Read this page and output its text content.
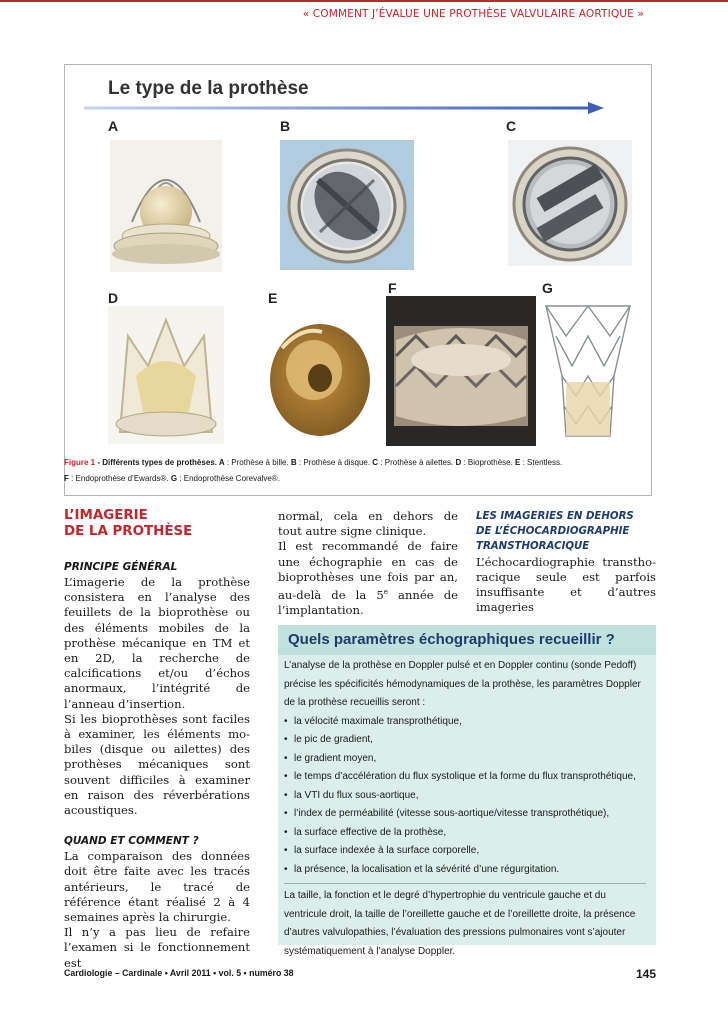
« COMMENT J’ÉVALUE UNE PROTHÈSE VALVULAIRE AORTIQUE »
Le type de la prothèse
A	B	C
D	E
F	G
Figure 1 - Différents types de prothèses. A : Prothèse à bille. B : Prothèse à disque. C : Prothèse à ailettes. D : Bioprothèse. E : Stentless.
F : Endoprothèse d’Ewards®. G : Endoprothèse Corevalve®.
L’IMAGERIE
DE LA PROTHÈSE
PRINCIPE GÉNÉRAL

L’imagerie de la prothèse consistera en l’analyse des feuillets de la bioprothèse ou des éléments mobiles de la prothèse mécanique en TM et en 2D, la recherche de calcifications et/ou d’échos anormaux, l’intégrité de l’anneau d’insertion.

Si les bioprothèses sont faciles à examiner, les éléments mobiles (disque ou ailettes) des prothèses mécaniques sont souvent difficiles à examiner en raison des réverbérations acoustiques.

QUAND ET COMMENT ?

La comparaison des données doit être faite avec les tracés antérieurs, le tracé de référence étant réalisé 2 à 4 semaines après la chirurgie.

Il n’y a pas lieu de refaire l’examen si le fonctionnement est

normal, cela en dehors de tout autre signe clinique.

Il est recommandé de faire une échographie en cas de bioprothèses une fois par an, au-delà de la 5e année de l’implantation.

LES IMAGERIES EN DEHORS
DE L’ÉCHOCARDIOGRAPHIE
TRANSTHORACIQUE

L’échocardiographie transthoracique seule est parfois insuffisante et d’autres imageries

Quels paramètres échographiques recueillir ?

L’analyse de la prothèse en Doppler pulsé et en Doppler continu (sonde Pedoff) précise les spécificités hémodynamiques de la prothèse, les paramètres Doppler de la prothèse recueillis seront :

• la vélocité maximale transprothétique,
• le pic de gradient,
• le gradient moyen,
• le temps d’accélération du flux systolique et la forme du flux transprothétique,
• la VTI du flux sous-aortique,
• l’index de perméabilité (vitesse sous-aortique/vitesse transprothétique),
• la surface effective de la prothèse,
• la surface indexée à la surface corporelle,
• la présence, la localisation et la sévérité d’une régurgitation.

La taille, la fonction et le degré d’hypertrophie du ventricule gauche et du ventricule droit, la taille de l’oreillette gauche et de l’oreillette droite, la présence d’autres valvulopathies, l’évaluation des pressions pulmonaires vont s’ajouter systématiquement à l’analyse Doppler.

Cardiologie – Cardinale • Avril 2011 • vol. 5 • numéro 38	145
